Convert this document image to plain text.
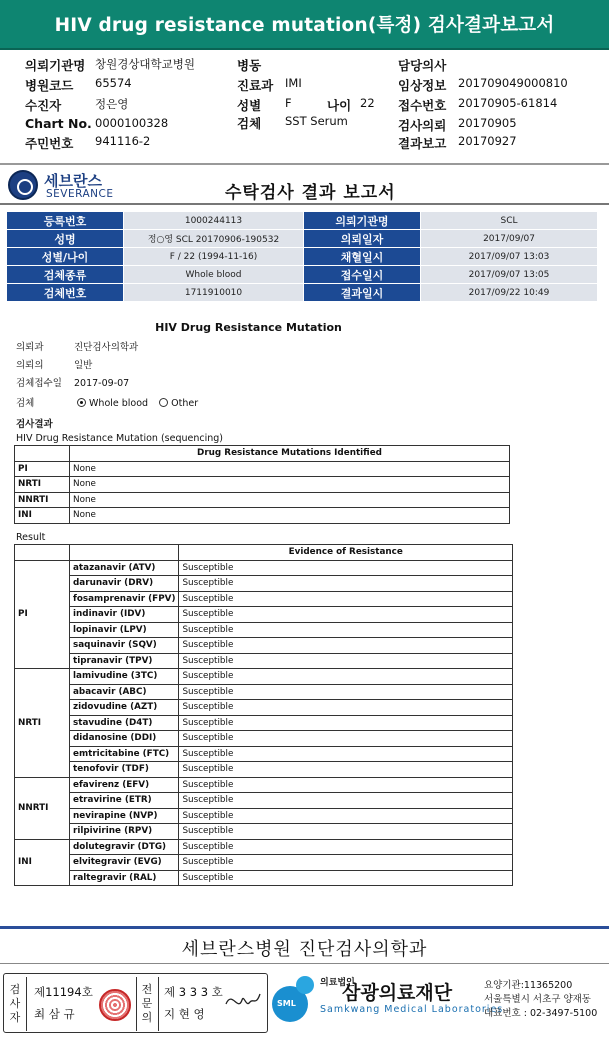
HIV drug resistance mutation(특정) 검사결과보고서
의뢰기관명 창원경상대학교병원
병원코드 65574
수진자	정은영
Chart No. 0000100328
주민번호 941116-2
병동
진료과 IMI
성별 F	나이 22
검체 SST Serum
담당의사
임상정보 201709049000810
접수번호 20170905-61814
검사의뢰 20170905
결과보고 20170927
세브란스
SEVERANCE	수탁검사 결과 보고서
등록번호	1000244113	의뢰기관명	SCL
성명	정○영 SCL 20170906-190532	의뢰일자	2017/09/07
성별/나이	F / 22 (1994-11-16)	채혈일시	2017/09/07 13:03
검체종류	Whole blood	접수일시	2017/09/07 13:05
검체번호	1711910010	결과일시	2017/09/22 10:49
HIV Drug Resistance Mutation
의뢰과	진단검사의학과
의뢰의	일반
검체접수일 2017-09-07
검체	Whole blood Other
검사결과
HIV Drug Resistance Mutation (sequencing)
	Drug Resistance Mutations Identified
PI	None
NRTI	None
NNRTI	None
INI	None
Result
		Evidence of Resistance
PI	atazanavir (ATV)	Susceptible
	darunavir (DRV)	Susceptible
	fosamprenavir (FPV)	Susceptible
	indinavir (IDV)	Susceptible
	lopinavir (LPV)	Susceptible
	saquinavir (SQV)	Susceptible
	tipranavir (TPV)	Susceptible
NRTI	lamivudine (3TC)	Susceptible
	abacavir (ABC)	Susceptible
	zidovudine (AZT)	Susceptible
	stavudine (D4T)	Susceptible
	didanosine (DDI)	Susceptible
	emtricitabine (FTC)	Susceptible
	tenofovir (TDF)	Susceptible
NNRTI	efavirenz (EFV)	Susceptible
	etravirine (ETR)	Susceptible
	nevirapine (NVP)	Susceptible
	rilpivirine (RPV)	Susceptible
INI	dolutegravir (DTG)	Susceptible
	elvitegravir (EVG)	Susceptible
	raltegravir (RAL)	Susceptible
세브란스병원 진단검사의학과
검사자
제11194호
최 삼 규
전문의
제 3 3 3 호
지 현 영
SML
의료법인삼광의료재단
Samkwang Medical Laboratories
요양기관:11365200
서울특별시 서초구 양재동
대표번호 : 02-3497-5100
